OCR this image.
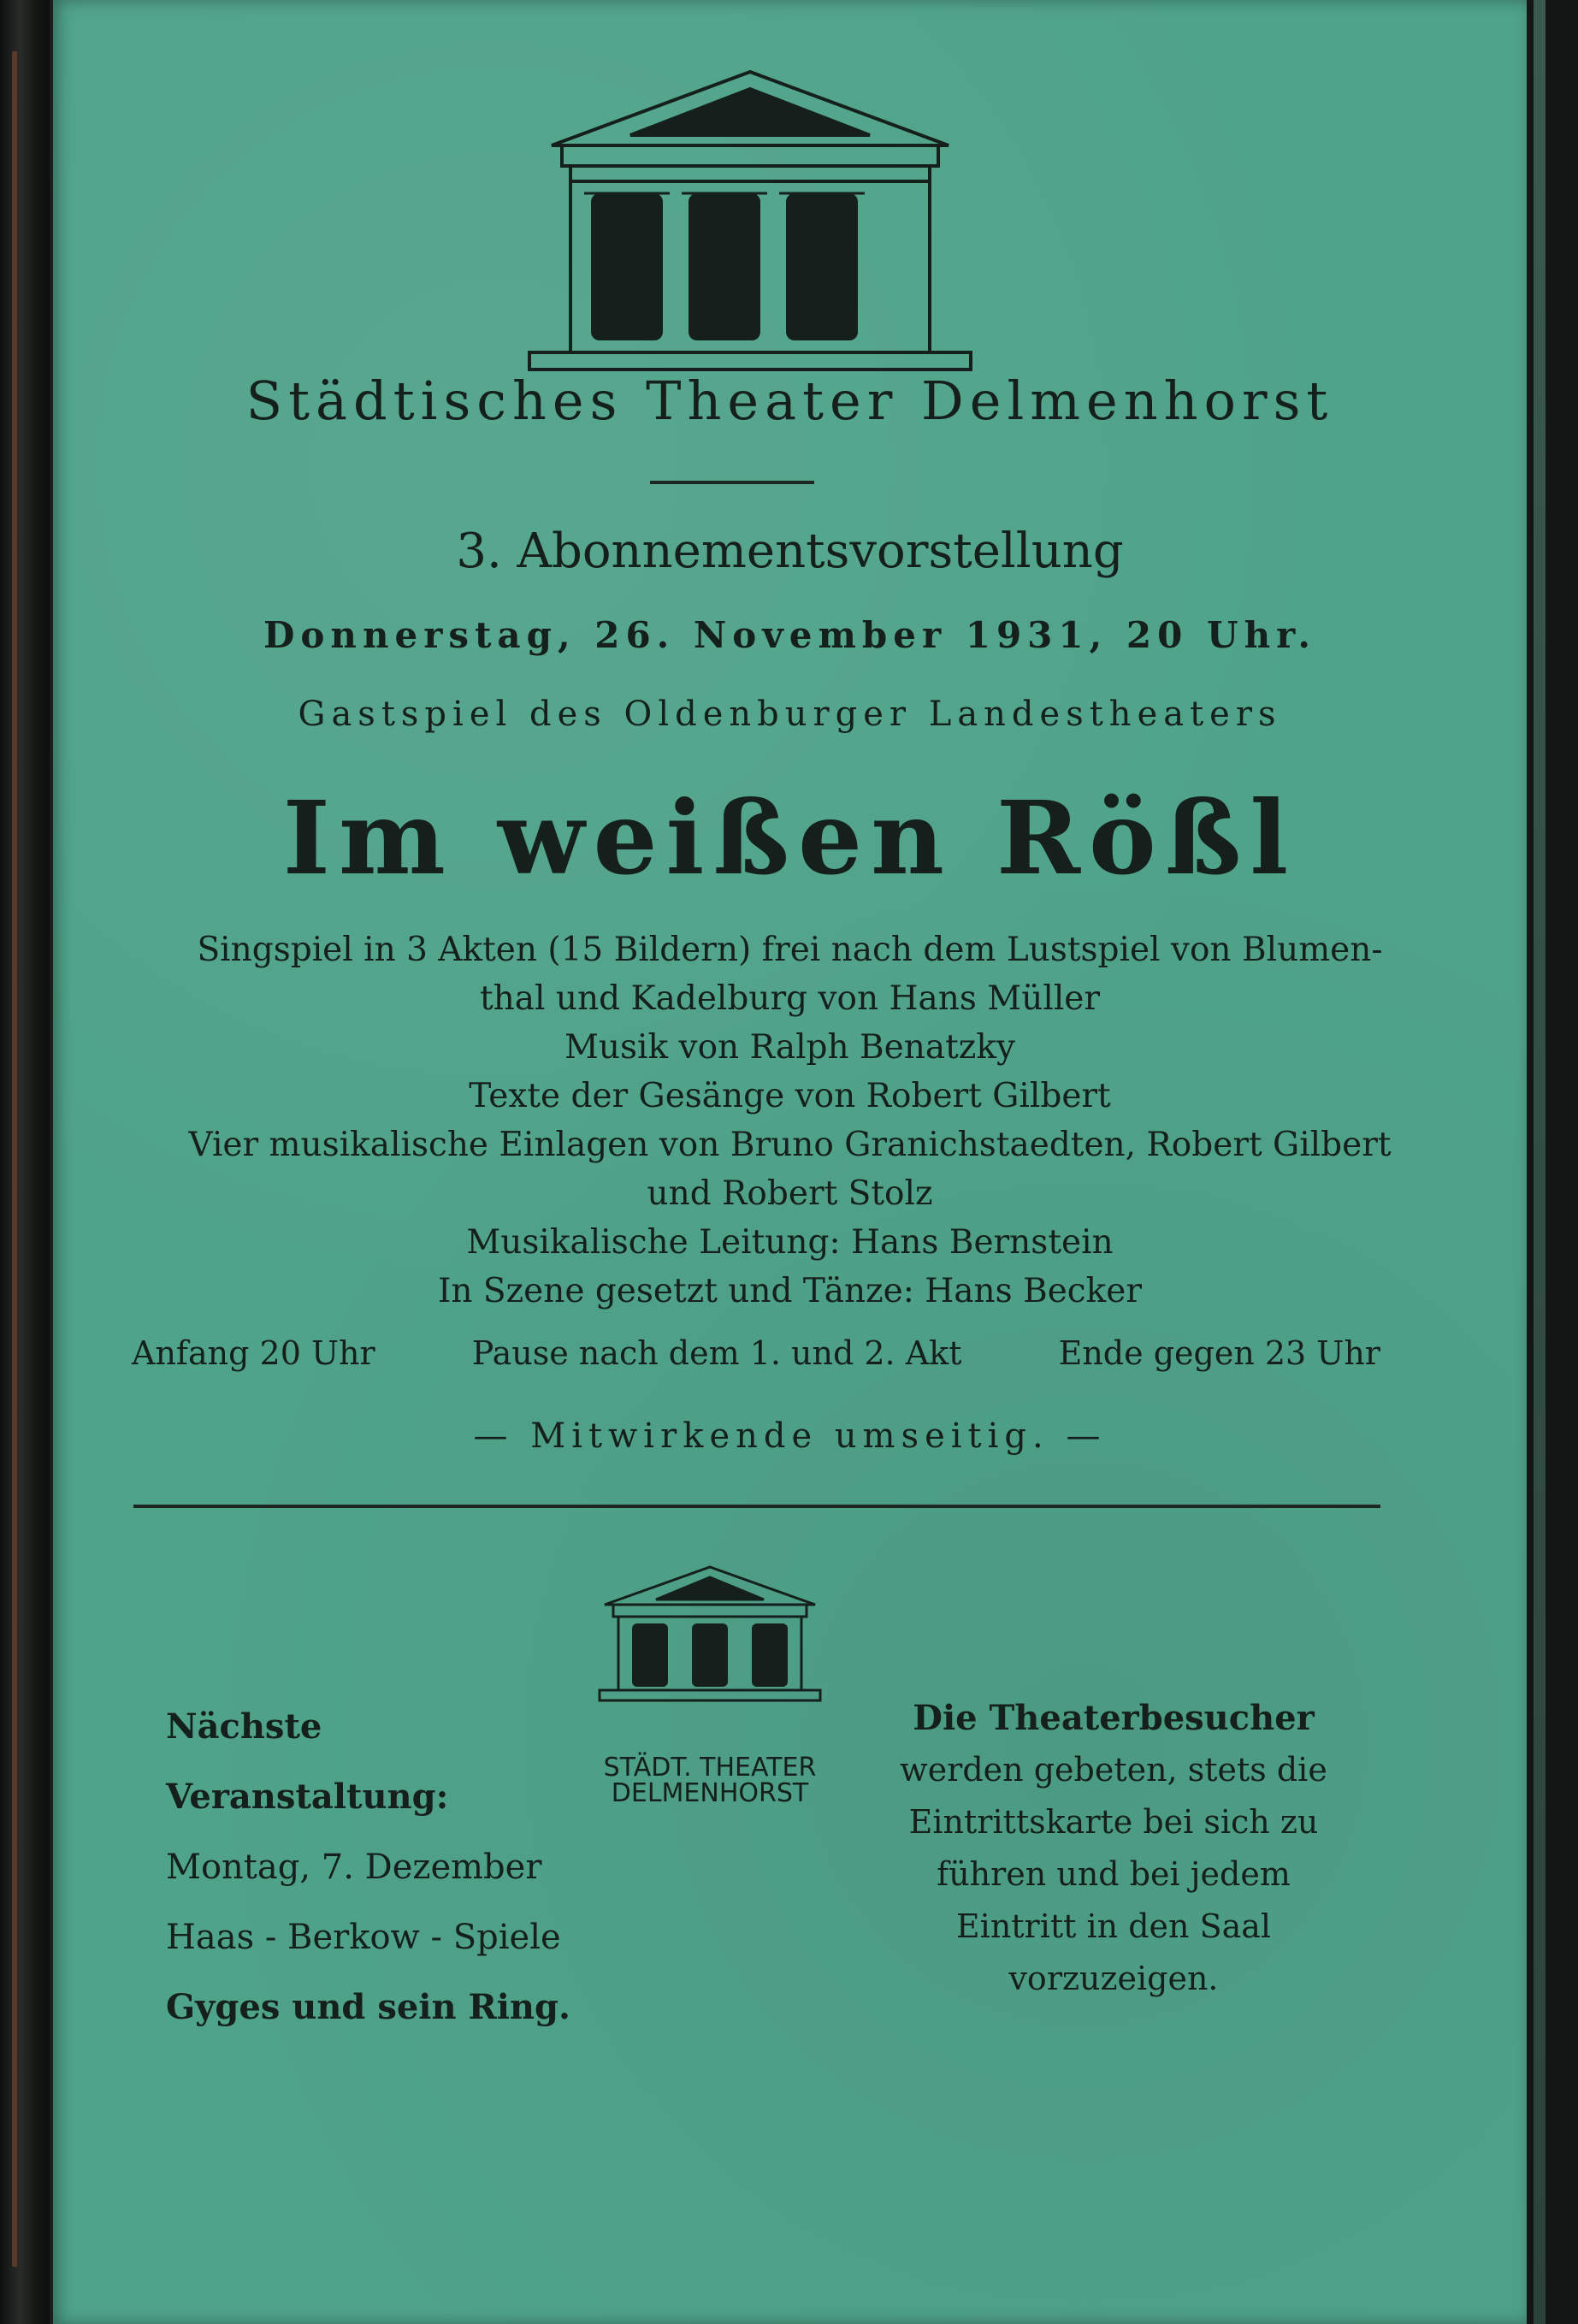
Städtisches Theater Delmenhorst
3. Abonnementsvorstellung
Donnerstag, 26. November 1931, 20 Uhr.
Gastspiel des Oldenburger Landestheaters
Im weißen Rößl
Singspiel in 3 Akten (15 Bildern) frei nach dem Lustspiel von Blumen-
thal und Kadelburg von Hans Müller
Musik von Ralph Benatzky
Texte der Gesänge von Robert Gilbert
Vier musikalische Einlagen von Bruno Granichstaedten, Robert Gilbert
und Robert Stolz
Musikalische Leitung: Hans Bernstein
In Szene gesetzt und Tänze: Hans Becker
Anfang 20 Uhr	Pause nach dem 1. und 2. Akt	Ende gegen 23 Uhr
— Mitwirkende umseitig. —
STÄDT. THEATER
DELMENHORST
Nächste Veranstaltung:
Montag, 7. Dezember
Haas - Berkow - Spiele
Gyges und sein Ring.
Die Theaterbesucher
werden gebeten, stets die
Eintrittskarte bei sich zu
führen und bei jedem
Eintritt in den Saal
vorzuzeigen.
